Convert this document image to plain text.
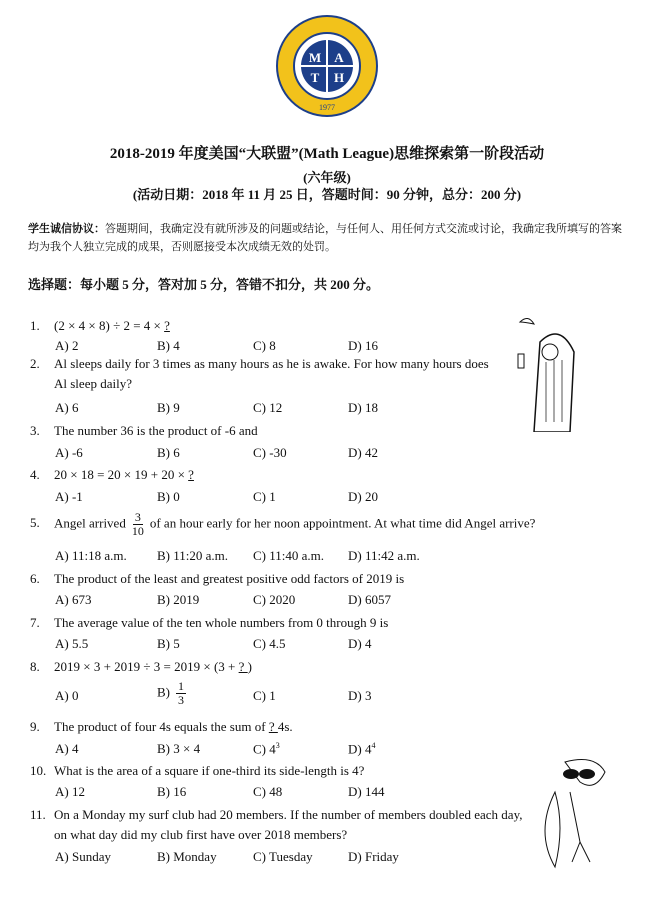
M A
T H
1977
2018-2019 年度美国“大联盟”(Math League)思维探索第一阶段活动
(六年级)
(活动日期：2018 年 11 月 25 日，答题时间：90 分钟，总分：200 分)
学生诚信协议：答题期间，我确定没有就所涉及的问题或结论，与任何人、用任何方式交流或讨论，我确定我所填写的答案均为我个人独立完成的成果，否则愿接受本次成绩无效的处罚。
选择题：每小题 5 分，答对加 5 分，答错不扣分，共 200 分。
1. (2 × 4 × 8) ÷ 2 = 4 × ?
A) 2	B) 4	C) 8	D) 16
2. Al sleeps daily for 3 times as many hours as he is awake. For how many hours does
Al sleep daily?
A) 6	B) 9	C) 12	D) 18
3. The number 36 is the product of -6 and
A) -6	B) 6	C) -30	D) 42
4. 20 × 18 = 20 × 19 + 20 × ?
A) -1	B) 0	C) 1	D) 20
5. Angel arrived $\frac{3}{10}$ of an hour early for her noon appointment. At what time did Angel arrive?
A) 11:18 a.m. B) 11:20 a.m. C) 11:40 a.m. D) 11:42 a.m.
6. The product of the least and greatest positive odd factors of 2019 is
A) 673	B) 2019	C) 2020	D) 6057
7. The average value of the ten whole numbers from 0 through 9 is
A) 5.5	B) 5	C) 4.5	D) 4
8. 2019 × 3 + 2019 ÷ 3 = 2019 × (3 + ? )
A) 0	$B) \frac{1}{3}$	C) 1	D) 3
9. The product of four 4s equals the sum of ? 4s.
A) 4	B) 3 × 4	C) $4^3$	D) $4^4$
10. What is the area of a square if one-third its side-length is 4?
A) 12	B) 16	C) 48	D) 144
11. On a Monday my surf club had 20 members. If the number of members doubled each day,
on what day did my club first have over 2018 members?
A) Sunday	B) Monday	C) Tuesday	D) Friday
